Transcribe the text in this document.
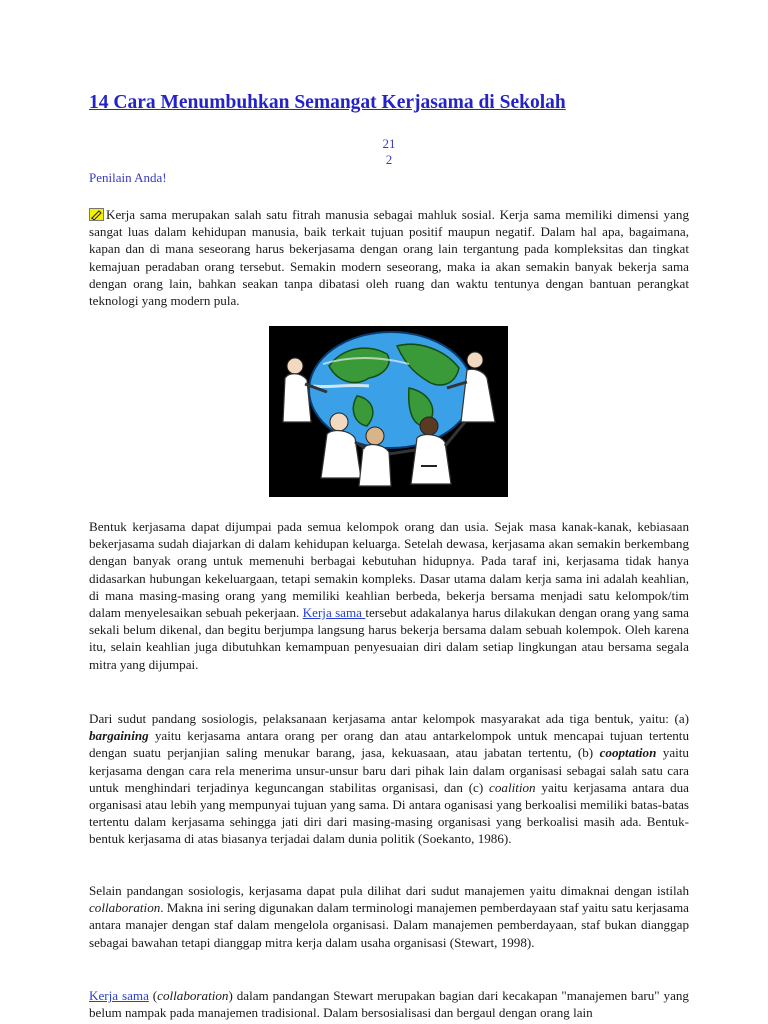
14 Cara Menumbuhkan Semangat Kerjasama di Sekolah
21
2
Penilain Anda!

Kerja sama merupakan salah satu fitrah manusia sebagai mahluk sosial. Kerja sama memiliki dimensi yang sangat luas dalam kehidupan manusia, baik terkait tujuan positif maupun negatif. Dalam hal apa, bagaimana, kapan dan di mana seseorang harus bekerjasama dengan orang lain tergantung pada kompleksitas dan tingkat kemajuan peradaban orang tersebut. Semakin modern seseorang, maka ia akan semakin banyak bekerja sama dengan orang lain, bahkan seakan tanpa dibatasi oleh ruang dan waktu tentunya dengan bantuan perangkat teknologi yang modern pula.

Bentuk kerjasama dapat dijumpai pada semua kelompok orang dan usia. Sejak masa kanak-kanak, kebiasaan bekerjasama sudah diajarkan di dalam kehidupan keluarga. Setelah dewasa, kerjasama akan semakin berkembang dengan banyak orang untuk memenuhi berbagai kebutuhan hidupnya. Pada taraf ini, kerjasama tidak hanya didasarkan hubungan kekeluargaan, tetapi semakin kompleks. Dasar utama dalam kerja sama ini adalah keahlian, di mana masing-masing orang yang memiliki keahlian berbeda, bekerja bersama menjadi satu kelompok/tim dalam menyelesaikan sebuah pekerjaan. Kerja sama tersebut adakalanya harus dilakukan dengan orang yang sama sekali belum dikenal, dan begitu berjumpa langsung harus bekerja bersama dalam sebuah kolempok. Oleh karena itu, selain keahlian juga dibutuhkan kemampuan penyesuaian diri dalam setiap lingkungan atau bersama segala mitra yang dijumpai.

Dari sudut pandang sosiologis, pelaksanaan kerjasama antar kelompok masyarakat ada tiga bentuk, yaitu: (a) bargaining yaitu kerjasama antara orang per orang dan atau antarkelompok untuk mencapai tujuan tertentu dengan suatu perjanjian saling menukar barang, jasa, kekuasaan, atau jabatan tertentu, (b) cooptation yaitu kerjasama dengan cara rela menerima unsur-unsur baru dari pihak lain dalam organisasi sebagai salah satu cara untuk menghindari terjadinya keguncangan stabilitas organisasi, dan (c) coalition yaitu kerjasama antara dua organisasi atau lebih yang mempunyai tujuan yang sama. Di antara oganisasi yang berkoalisi memiliki batas-batas tertentu dalam kerjasama sehingga jati diri dari masing-masing organisasi yang berkoalisi masih ada. Bentuk-bentuk kerjasama di atas biasanya terjadai dalam dunia politik (Soekanto, 1986).

Selain pandangan sosiologis, kerjasama dapat pula dilihat dari sudut manajemen yaitu dimaknai dengan istilah collaboration. Makna ini sering digunakan dalam terminologi manajemen pemberdayaan staf yaitu satu kerjasama antara manajer dengan staf dalam mengelola organisasi. Dalam manajemen pemberdayaan, staf bukan dianggap sebagai bawahan tetapi dianggap mitra kerja dalam usaha organisasi (Stewart, 1998).

Kerja sama (collaboration) dalam pandangan Stewart merupakan bagian dari kecakapan "manajemen baru" yang belum nampak pada manajemen tradisional. Dalam bersosialisasi dan bergaul dengan orang lain
